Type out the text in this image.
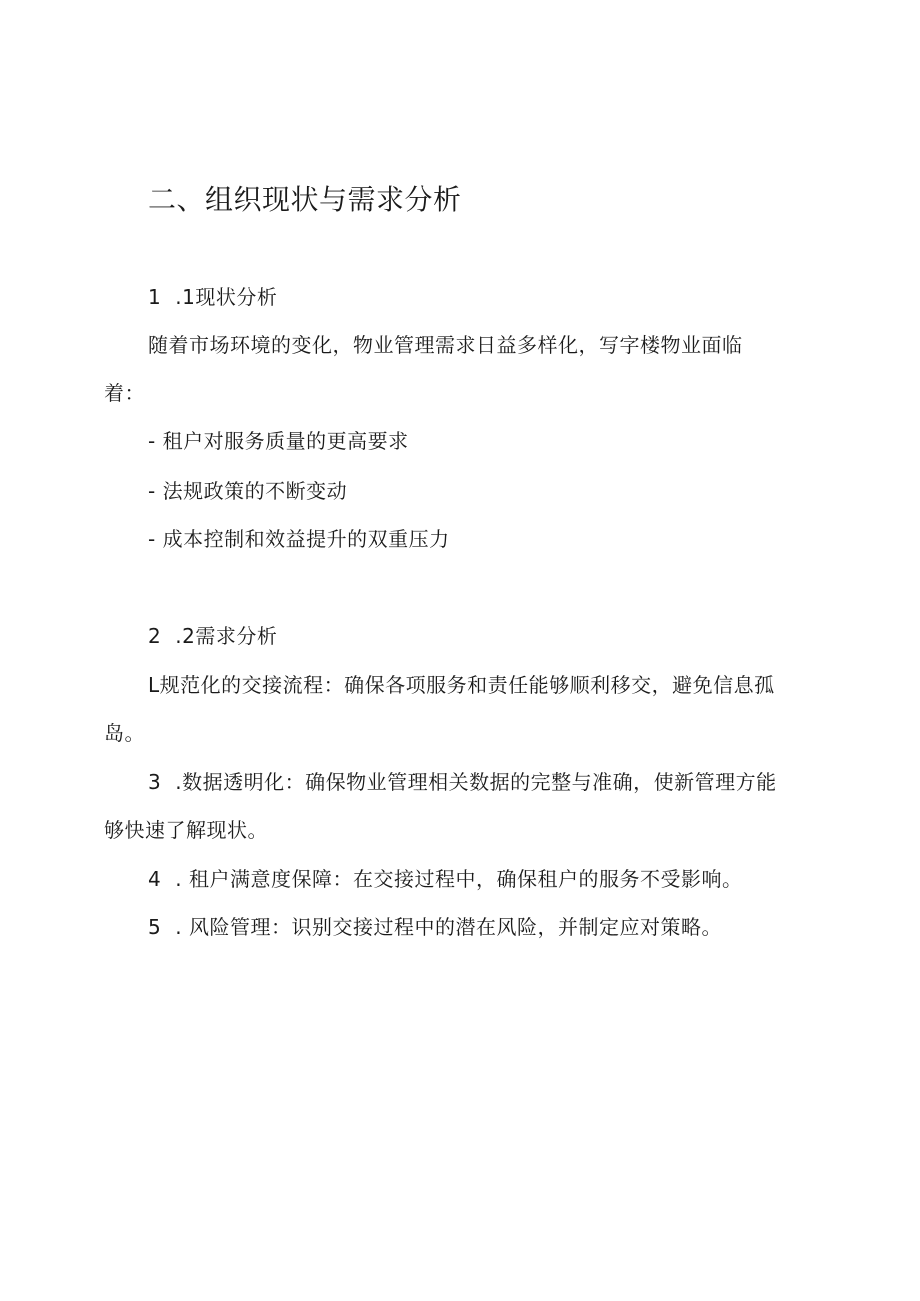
二、组织现状与需求分析
1 .1现状分析
随着市场环境的变化，物业管理需求日益多样化，写字楼物业面临
着：
- 租户对服务质量的更高要求
- 法规政策的不断变动
- 成本控制和效益提升的双重压力
2 .2需求分析
L规范化的交接流程：确保各项服务和责任能够顺利移交，避免信息孤
岛。
3 .数据透明化：确保物业管理相关数据的完整与准确，使新管理方能
够快速了解现状。
4 . 租户满意度保障：在交接过程中，确保租户的服务不受影响。
5 . 风险管理：识别交接过程中的潜在风险，并制定应对策略。
